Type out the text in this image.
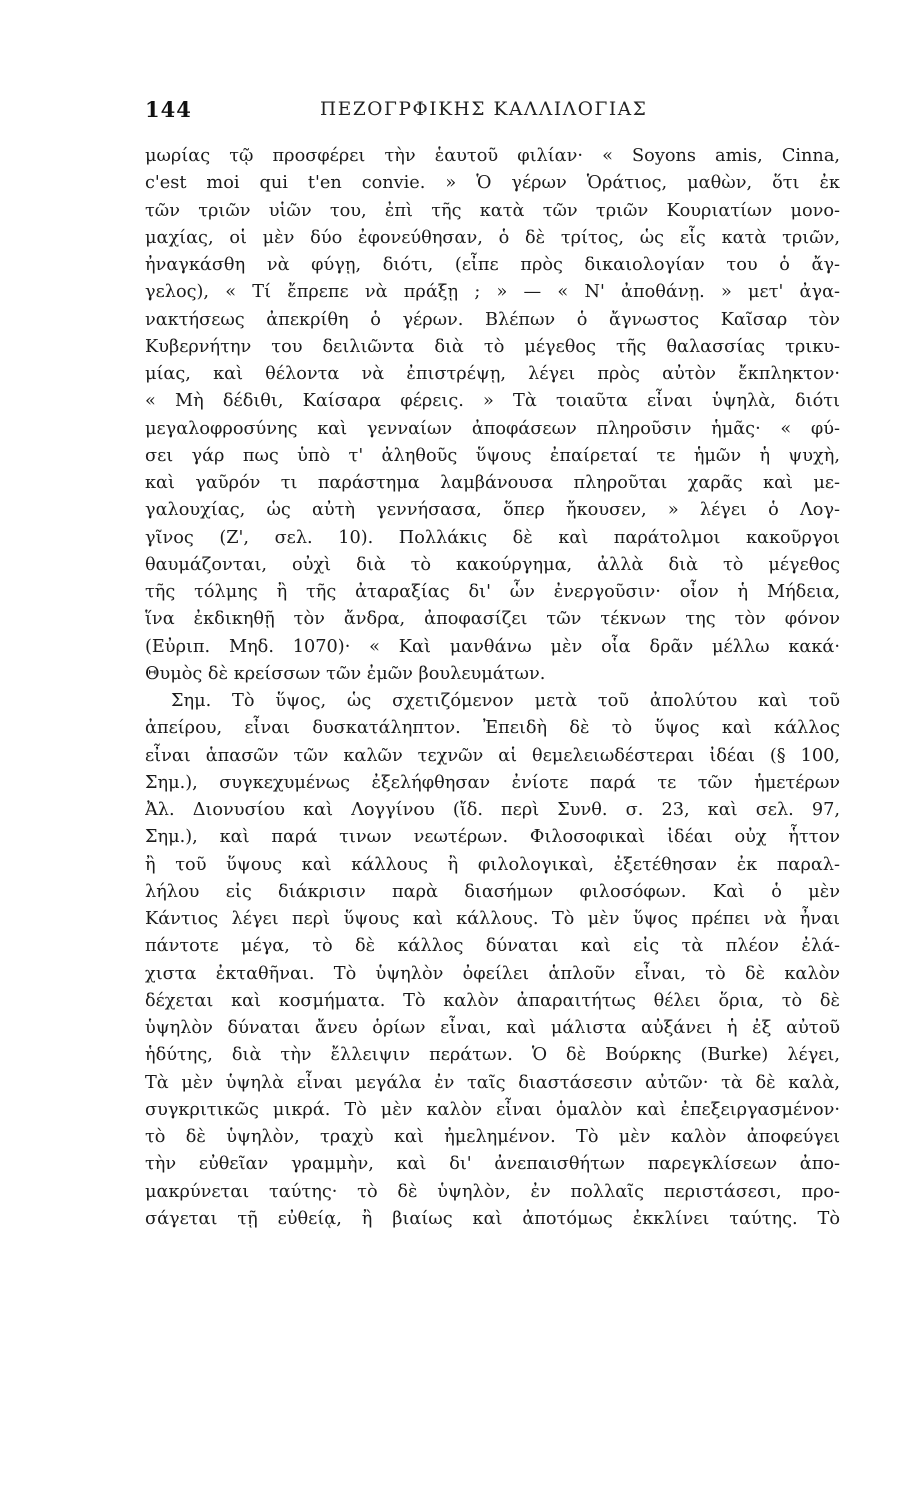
144	ΠΕΖΟΓΡΦΙΚΗΣ ΚΑΛΛΙΛΟΓΙΑΣ
μωρίας τῷ προσφέρει τὴν ἑαυτοῦ φιλίαν· « Soyons amis, Cinna,
c'est moi qui t'en convie. » Ὁ γέρων Ὁράτιος, μαθὼν, ὅτι ἐκ
τῶν τριῶν υἱῶν του, ἐπὶ τῆς κατὰ τῶν τριῶν Κουριατίων μονο-
μαχίας, οἱ μὲν δύο ἐφονεύθησαν, ὁ δὲ τρίτος, ὡς εἷς κατὰ τριῶν,
ἠναγκάσθη νὰ φύγῃ, διότι, (εἶπε πρὸς δικαιολογίαν του ὁ ἄγ-
γελος), « Τί ἔπρεπε νὰ πράξῃ ; » — « Ν' ἀποθάνῃ. » μετ' ἀγα-
νακτήσεως ἀπεκρίθη ὁ γέρων. Βλέπων ὁ ἄγνωστος Καῖσαρ τὸν
Κυβερνήτην του δειλιῶντα διὰ τὸ μέγεθος τῆς θαλασσίας τρικυ-
μίας, καὶ θέλοντα νὰ ἐπιστρέψῃ, λέγει πρὸς αὐτὸν ἔκπληκτον·
« Μὴ δέδιθι, Καίσαρα φέρεις. » Τὰ τοιαῦτα εἶναι ὑψηλὰ, διότι
μεγαλοφροσύνης καὶ γενναίων ἀποφάσεων πληροῦσιν ἡμᾶς· « φύ-
σει γάρ πως ὑπὸ τ' ἀληθοῦς ὕψους ἐπαίρεταί τε ἡμῶν ἡ ψυχὴ,
καὶ γαῦρόν τι παράστημα λαμβάνουσα πληροῦται χαρᾶς καὶ με-
γαλουχίας, ὡς αὐτὴ γεννήσασα, ὅπερ ἤκουσεν, » λέγει ὁ Λογ-
γῖνος (Ζ', σελ. 10). Πολλάκις δὲ καὶ παράτολμοι κακοῦργοι
θαυμάζονται, οὐχὶ διὰ τὸ κακούργημα, ἀλλὰ διὰ τὸ μέγεθος
τῆς τόλμης ἢ τῆς ἀταραξίας δι' ὧν ἐνεργοῦσιν· οἷον ἡ Μήδεια,
ἵνα ἐκδικηθῇ τὸν ἄνδρα, ἀποφασίζει τῶν τέκνων της τὸν φόνον
(Εὐριπ. Μηδ. 1070)· « Καὶ μανθάνω μὲν οἷα δρᾶν μέλλω κακά·
Θυμὸς δὲ κρείσσων τῶν ἐμῶν βουλευμάτων.
Σημ. Τὸ ὕψος, ὡς σχετιζόμενον μετὰ τοῦ ἀπολύτου καὶ τοῦ
ἀπείρου, εἶναι δυσκατάληπτον. Ἐπειδὴ δὲ τὸ ὕψος καὶ κάλλος
εἶναι ἁπασῶν τῶν καλῶν τεχνῶν αἱ θεμελειωδέστεραι ἰδέαι (§ 100,
Σημ.), συγκεχυμένως ἐξελήφθησαν ἐνίοτε παρά τε τῶν ἡμετέρων
Ἀλ. Διονυσίου καὶ Λογγίνου (ἴδ. περὶ Συνθ. σ. 23, καὶ σελ. 97,
Σημ.), καὶ παρά τινων νεωτέρων. Φιλοσοφικαὶ ἰδέαι οὐχ ἧττον
ἢ τοῦ ὕψους καὶ κάλλους ἢ φιλολογικαὶ, ἐξετέθησαν ἐκ παραλ-
λήλου εἰς διάκρισιν παρὰ διασήμων φιλοσόφων. Καὶ ὁ μὲν
Κάντιος λέγει περὶ ὕψους καὶ κάλλους. Τὸ μὲν ὕψος πρέπει νὰ ἦναι
πάντοτε μέγα, τὸ δὲ κάλλος δύναται καὶ εἰς τὰ πλέον ἐλά-
χιστα ἐκταθῆναι. Τὸ ὑψηλὸν ὀφείλει ἁπλοῦν εἶναι, τὸ δὲ καλὸν
δέχεται καὶ κοσμήματα. Τὸ καλὸν ἀπαραιτήτως θέλει ὅρια, τὸ δὲ
ὑψηλὸν δύναται ἄνευ ὁρίων εἶναι, καὶ μάλιστα αὐξάνει ἡ ἐξ αὐτοῦ
ἡδύτης, διὰ τὴν ἔλλειψιν περάτων. Ὁ δὲ Βούρκης (Burke) λέγει,
Τὰ μὲν ὑψηλὰ εἶναι μεγάλα ἐν ταῖς διαστάσεσιν αὐτῶν· τὰ δὲ καλὰ,
συγκριτικῶς μικρά. Τὸ μὲν καλὸν εἶναι ὁμαλὸν καὶ ἐπεξειργασμένον·
τὸ δὲ ὑψηλὸν, τραχὺ καὶ ἠμελημένον. Τὸ μὲν καλὸν ἀποφεύγει
τὴν εὐθεῖαν γραμμὴν, καὶ δι' ἀνεπαισθήτων παρεγκλίσεων ἀπο-
μακρύνεται ταύτης· τὸ δὲ ὑψηλὸν, ἐν πολλαῖς περιστάσεσι, προ-
σάγεται τῇ εὐθείᾳ, ἢ βιαίως καὶ ἀποτόμως ἐκκλίνει ταύτης. Τὸ
